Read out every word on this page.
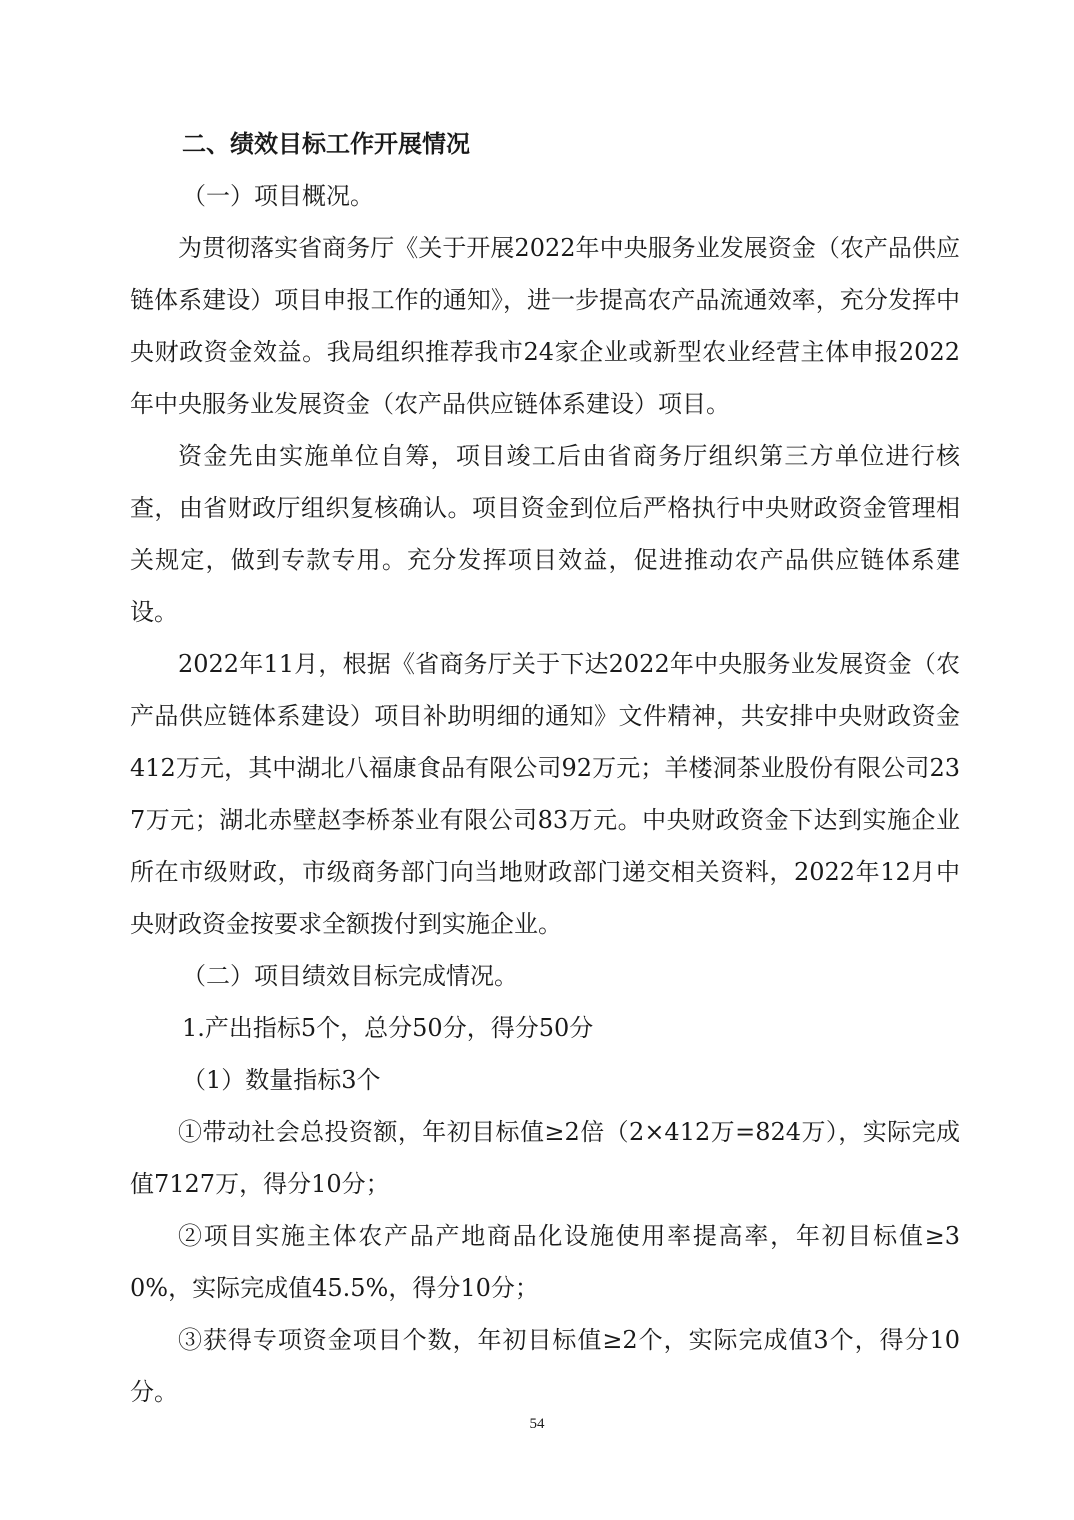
二、绩效目标工作开展情况
（一）项目概况。

为贯彻落实省商务厅《关于开展2022年中央服务业发展资金（农产品供应链体系建设）项目申报工作的通知》，进一步提高农产品流通效率，充分发挥中央财政资金效益。我局组织推荐我市24家企业或新型农业经营主体申报2022年中央服务业发展资金（农产品供应链体系建设）项目。

资金先由实施单位自筹，项目竣工后由省商务厅组织第三方单位进行核查，由省财政厅组织复核确认。项目资金到位后严格执行中央财政资金管理相关规定，做到专款专用。充分发挥项目效益，促进推动农产品供应链体系建设。

2022年11月，根据《省商务厅关于下达2022年中央服务业发展资金（农产品供应链体系建设）项目补助明细的通知》文件精神，共安排中央财政资金412万元，其中湖北八福康食品有限公司92万元；羊楼洞茶业股份有限公司237万元；湖北赤壁赵李桥茶业有限公司83万元。中央财政资金下达到实施企业所在市级财政，市级商务部门向当地财政部门递交相关资料，2022年12月中央财政资金按要求全额拨付到实施企业。

（二）项目绩效目标完成情况。
1.产出指标5个，总分50分，得分50分
（1）数量指标3个

①带动社会总投资额，年初目标值≥2倍（2×412万=824万），实际完成值7127万，得分10分；

②项目实施主体农产品产地商品化设施使用率提高率，年初目标值≥30%，实际完成值45.5%，得分10分；

③获得专项资金项目个数，年初目标值≥2个，实际完成值3个，得分10分。

54
